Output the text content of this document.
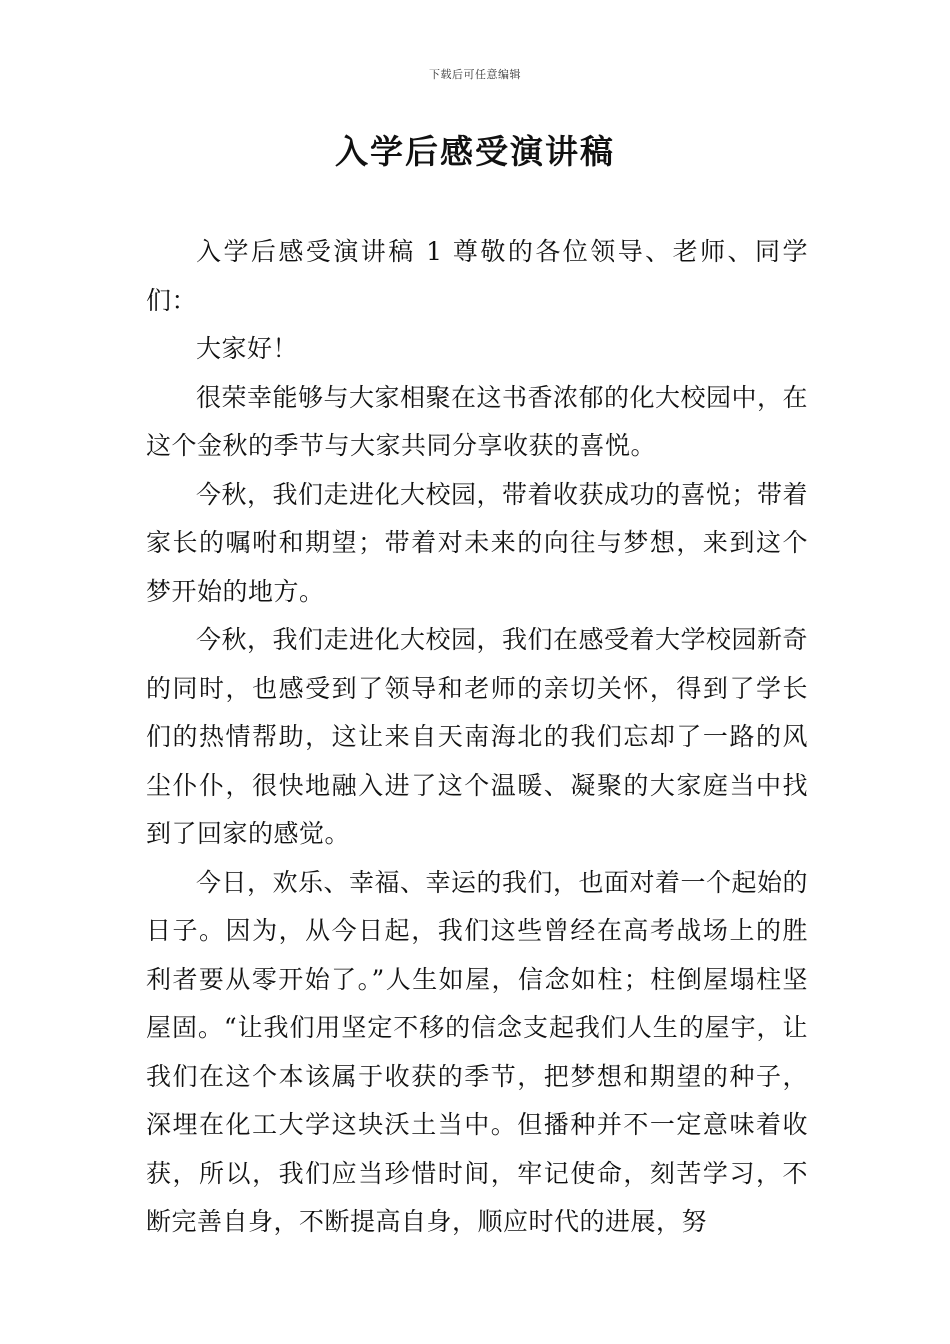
下载后可任意编辑
入学后感受演讲稿

入学后感受演讲稿 1 尊敬的各位领导、老师、同学们：

大家好！

很荣幸能够与大家相聚在这书香浓郁的化大校园中，在这个金秋的季节与大家共同分享收获的喜悦。

今秋，我们走进化大校园，带着收获成功的喜悦；带着家长的嘱咐和期望；带着对未来的向往与梦想，来到这个梦开始的地方。

今秋，我们走进化大校园，我们在感受着大学校园新奇的同时，也感受到了领导和老师的亲切关怀，得到了学长们的热情帮助，这让来自天南海北的我们忘却了一路的风尘仆仆，很快地融入进了这个温暖、凝聚的大家庭当中找到了回家的感觉。

今日，欢乐、幸福、幸运的我们，也面对着一个起始的日子。因为，从今日起，我们这些曾经在高考战场上的胜利者要从零开始了。”人生如屋，信念如柱；柱倒屋塌柱坚屋固。“让我们用坚定不移的信念支起我们人生的屋宇，让我们在这个本该属于收获的季节，把梦想和期望的种子，深埋在化工大学这块沃土当中。但播种并不一定意味着收获，所以，我们应当珍惜时间，牢记使命，刻苦学习，不断完善自身，不断提高自身，顺应时代的进展，努
